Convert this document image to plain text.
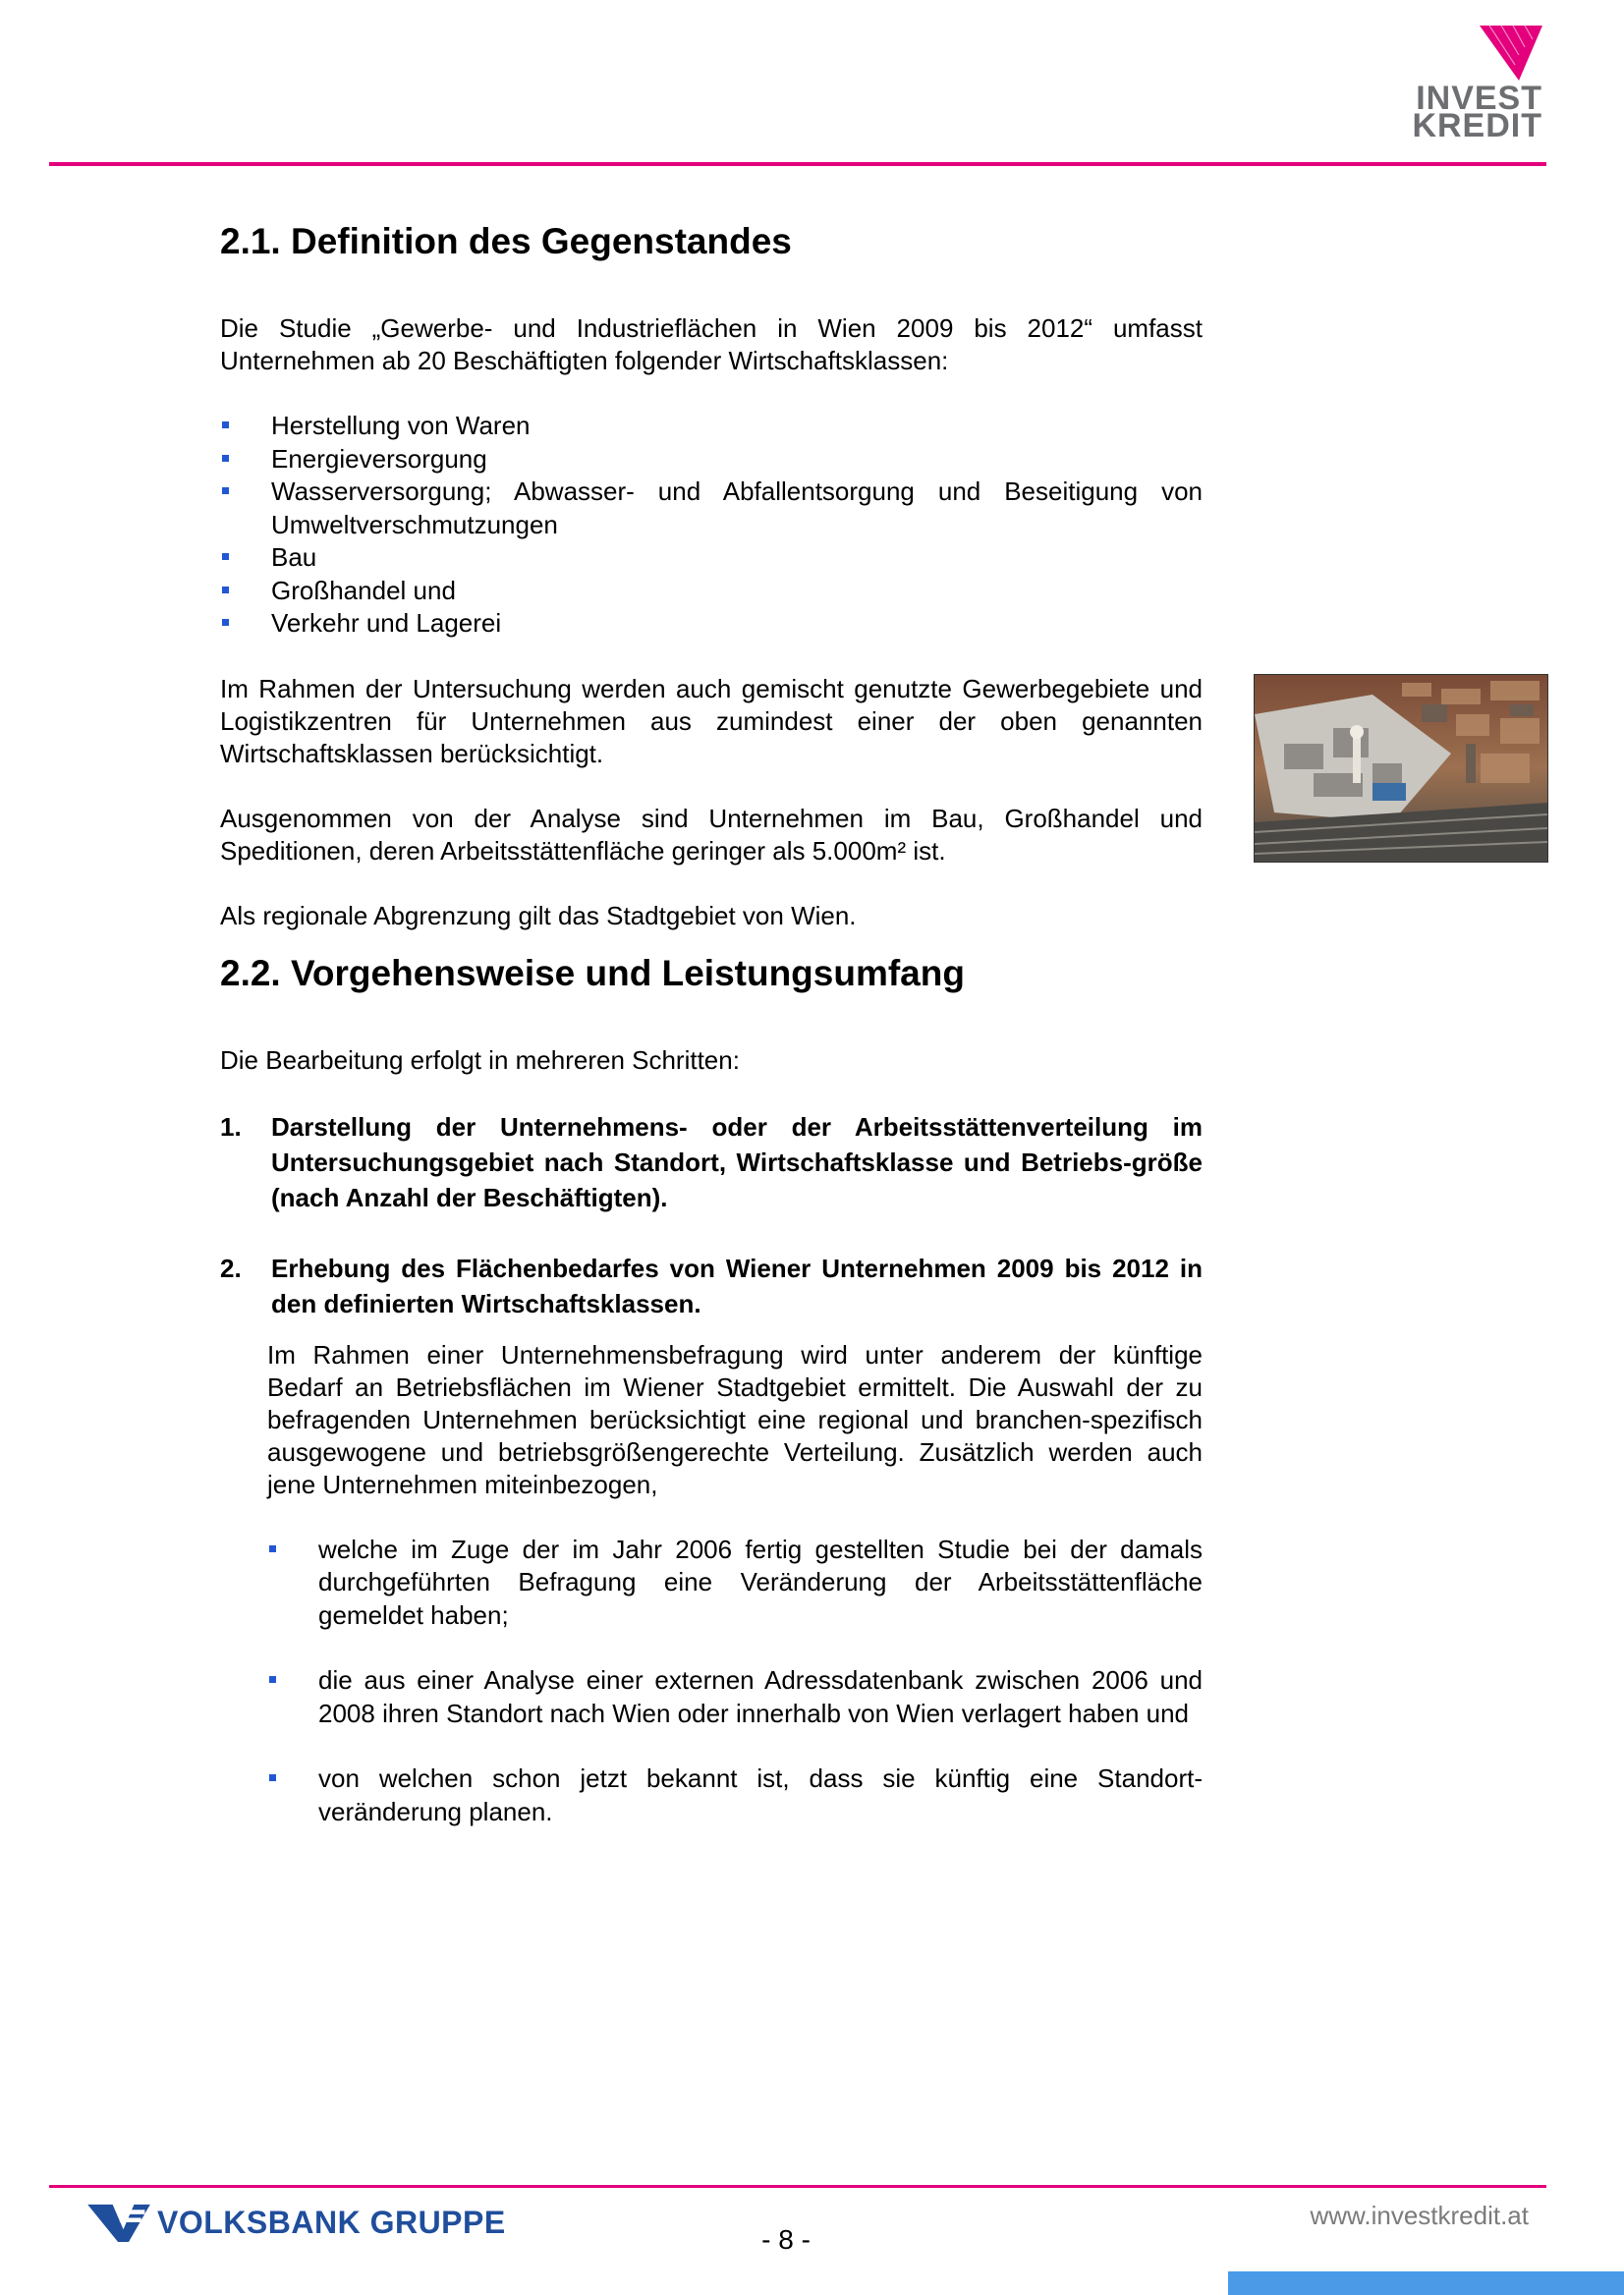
INVEST
KREDIT
2.1. Definition des Gegenstandes

Die Studie „Gewerbe- und Industrieflächen in Wien 2009 bis 2012“ umfasst Unternehmen ab 20 Beschäftigten folgender Wirtschaftsklassen:

Herstellung von Waren
Energieversorgung
Wasserversorgung; Abwasser- und Abfallentsorgung und Beseitigung von Umweltverschmutzungen
Bau
Großhandel und
Verkehr und Lagerei

Im Rahmen der Untersuchung werden auch gemischt genutzte Gewerbegebiete und Logistikzentren für Unternehmen aus zumindest einer der oben genannten Wirtschaftsklassen berücksichtigt.

Ausgenommen von der Analyse sind Unternehmen im Bau, Großhandel und Speditionen, deren Arbeitsstättenfläche geringer als 5.000m² ist.

Als regionale Abgrenzung gilt das Stadtgebiet von Wien.

2.2. Vorgehensweise und Leistungsumfang

Die Bearbeitung erfolgt in mehreren Schritten:

1. Darstellung der Unternehmens- oder der Arbeitsstättenverteilung im Untersuchungsgebiet nach Standort, Wirtschaftsklasse und Betriebs-größe (nach Anzahl der Beschäftigten).

2. Erhebung des Flächenbedarfes von Wiener Unternehmen 2009 bis 2012 in den definierten Wirtschaftsklassen.

Im Rahmen einer Unternehmensbefragung wird unter anderem der künftige Bedarf an Betriebsflächen im Wiener Stadtgebiet ermittelt. Die Auswahl der zu befragenden Unternehmen berücksichtigt eine regional und branchen-spezifisch ausgewogene und betriebsgrößengerechte Verteilung. Zusätzlich werden auch jene Unternehmen miteinbezogen,

welche im Zuge der im Jahr 2006 fertig gestellten Studie bei der damals durchgeführten Befragung eine Veränderung der Arbeitsstättenfläche gemeldet haben;
die aus einer Analyse einer externen Adressdatenbank zwischen 2006 und 2008 ihren Standort nach Wien oder innerhalb von Wien verlagert haben und
von welchen schon jetzt bekannt ist, dass sie künftig eine Standort-veränderung planen.
VOLKSBANK GRUPPE	- 8 -
www.investkredit.at
